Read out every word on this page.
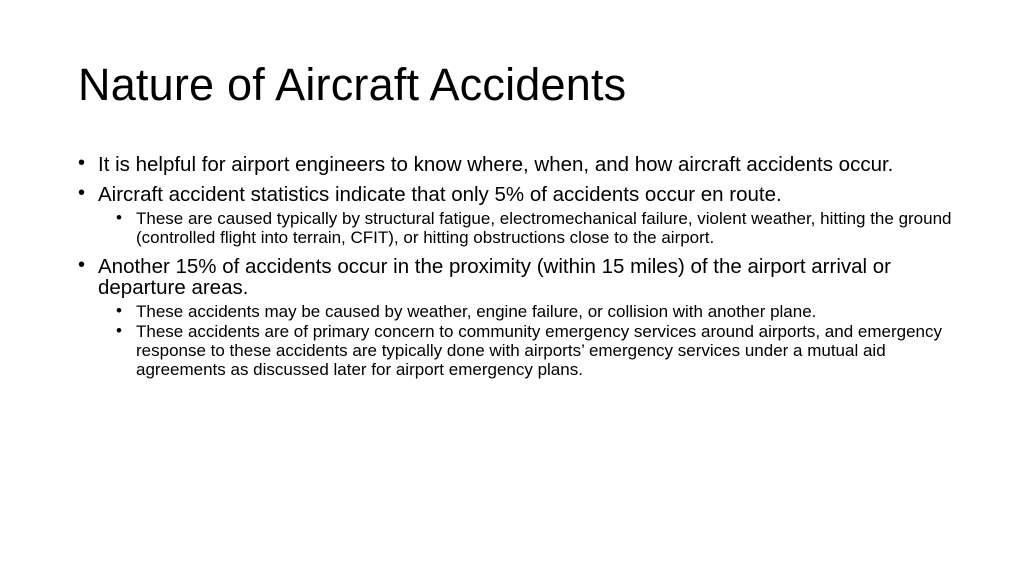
Nature of Aircraft Accidents
• It is helpful for airport engineers to know where, when, and how aircraft accidents occur.
• Aircraft accident statistics indicate that only 5% of accidents occur en route.
• These are caused typically by structural fatigue, electromechanical failure, violent weather, hitting the ground (controlled flight into terrain, CFIT), or hitting obstructions close to the airport.
• Another 15% of accidents occur in the proximity (within 15 miles) of the airport arrival or departure areas.
• These accidents may be caused by weather, engine failure, or collision with another plane.
• These accidents are of primary concern to community emergency services around airports, and emergency response to these accidents are typically done with airports’ emergency services under a mutual aid agreements as discussed later for airport emergency plans.
